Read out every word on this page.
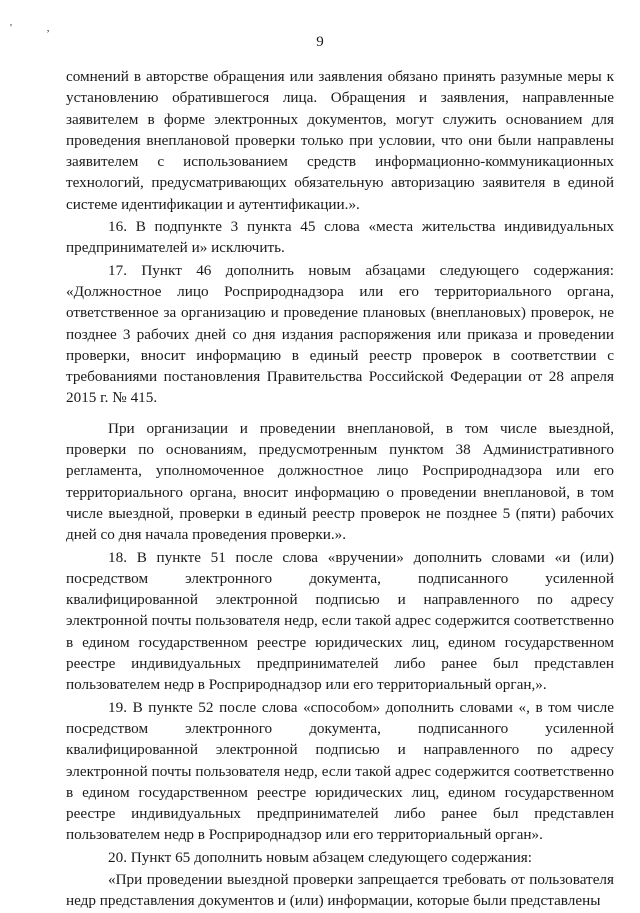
'	,
9

сомнений в авторстве обращения или заявления обязано принять разумные меры к установлению обратившегося лица. Обращения и заявления, направленные заявителем в форме электронных документов, могут служить основанием для проведения внеплановой проверки только при условии, что они были направлены заявителем с использованием средств информационно-коммуникационных технологий, предусматривающих обязательную авторизацию заявителя в единой системе идентификации и аутентификации.».

16. В подпункте 3 пункта 45 слова «места жительства индивидуальных предпринимателей и» исключить.

17. Пункт 46 дополнить новым абзацами следующего содержания: «Должностное лицо Росприроднадзора или его территориального органа, ответственное за организацию и проведение плановых (внеплановых) проверок, не позднее 3 рабочих дней со дня издания распоряжения или приказа и проведении проверки, вносит информацию в единый реестр проверок в соответствии с требованиями постановления Правительства Российской Федерации от 28 апреля 2015 г. № 415.

При организации и проведении внеплановой, в том числе выездной, проверки по основаниям, предусмотренным пунктом 38 Административного регламента, уполномоченное должностное лицо Росприроднадзора или его территориального органа, вносит информацию о проведении внеплановой, в том числе выездной, проверки в единый реестр проверок не позднее 5 (пяти) рабочих дней со дня начала проведения проверки.».

18. В пункте 51 после слова «вручении» дополнить словами «и (или) посредством электронного документа, подписанного усиленной квалифицированной электронной подписью и направленного по адресу электронной почты пользователя недр, если такой адрес содержится соответственно в едином государственном реестре юридических лиц, едином государственном реестре индивидуальных предпринимателей либо ранее был представлен пользователем недр в Росприроднадзор или его территориальный орган,».

19. В пункте 52 после слова «способом» дополнить словами «, в том числе посредством электронного документа, подписанного усиленной квалифицированной электронной подписью и направленного по адресу электронной почты пользователя недр, если такой адрес содержится соответственно в едином государственном реестре юридических лиц, едином государственном реестре индивидуальных предпринимателей либо ранее был представлен пользователем недр в Росприроднадзор или его территориальный орган».

20. Пункт 65 дополнить новым абзацем следующего содержания:

«При проведении выездной проверки запрещается требовать от пользователя недр представления документов и (или) информации, которые были представлены
